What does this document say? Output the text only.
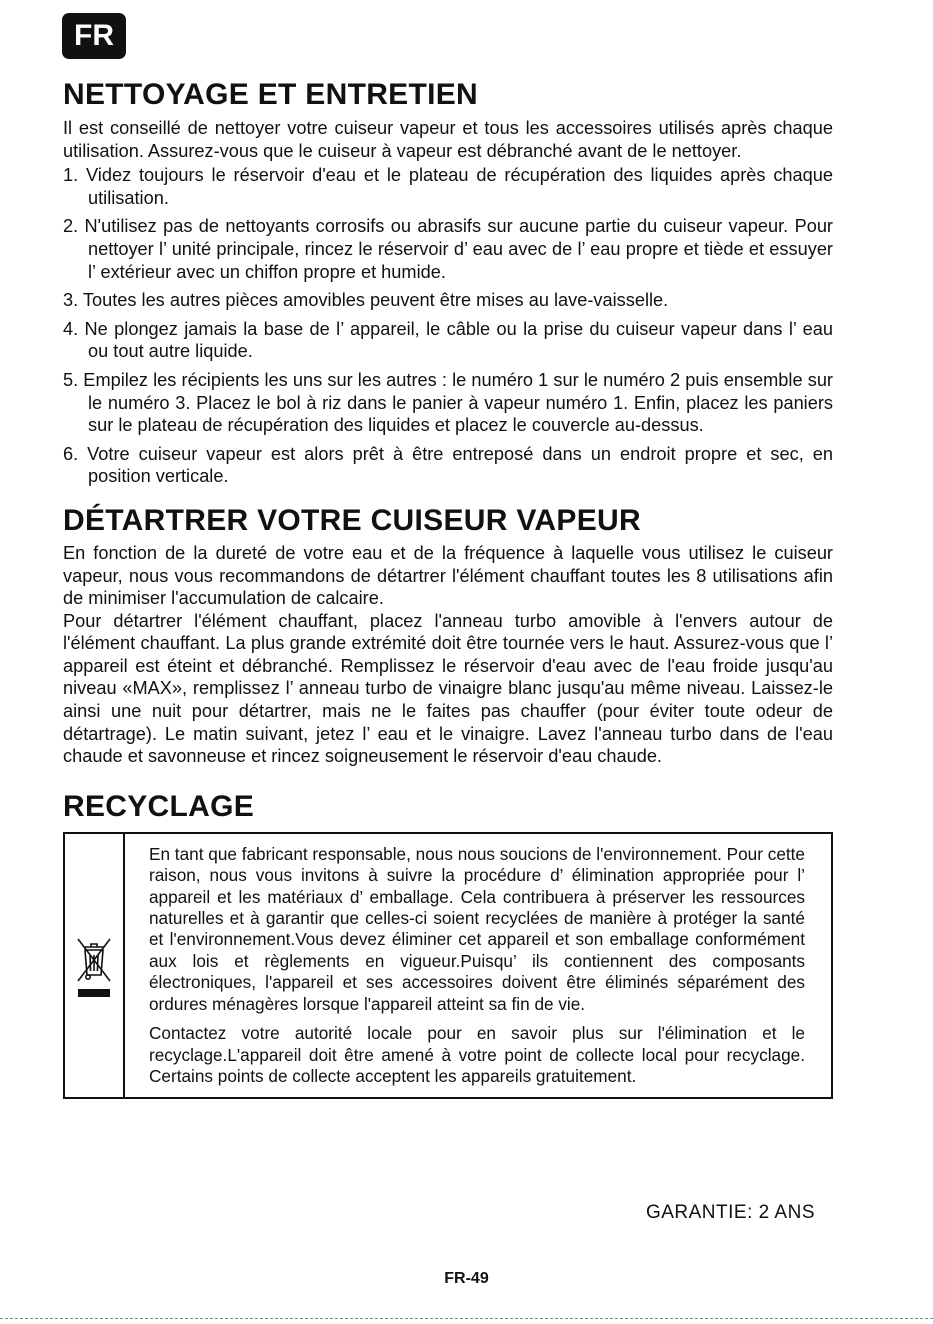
FR
NETTOYAGE ET ENTRETIEN

Il est conseillé de nettoyer votre cuiseur vapeur et tous les accessoires utilisés après chaque utilisation. Assurez-vous que le cuiseur à vapeur est débranché avant de le nettoyer.

1. Videz toujours le réservoir d'eau et le plateau de récupération des liquides après chaque utilisation.
2. N'utilisez pas de nettoyants corrosifs ou abrasifs sur aucune partie du cuiseur vapeur. Pour nettoyer l’ unité principale, rincez le réservoir d’ eau avec de l’ eau propre et tiède et essuyer l’ extérieur avec un chiffon propre et humide.
3. Toutes les autres pièces amovibles peuvent être mises au lave-vaisselle.
4. Ne plongez jamais la base de l’ appareil, le câble ou la prise du cuiseur vapeur dans l’ eau ou tout autre liquide.
5. Empilez les récipients les uns sur les autres : le numéro 1 sur le numéro 2 puis ensemble sur le numéro 3. Placez le bol à riz dans le panier à vapeur numéro 1. Enfin, placez les paniers sur le plateau de récupération des liquides et placez le couvercle au-dessus.
6. Votre cuiseur vapeur est alors prêt à être entreposé dans un endroit propre et sec, en position verticale.
DÉTARTRER VOTRE CUISEUR VAPEUR

En fonction de la dureté de votre eau et de la fréquence à laquelle vous utilisez le cuiseur vapeur, nous vous recommandons de détartrer l'élément chauffant toutes les 8 utilisations afin de minimiser l'accumulation de calcaire.

Pour détartrer l'élément chauffant, placez l'anneau turbo amovible à l'envers autour de l'élément chauffant. La plus grande extrémité doit être tournée vers le haut. Assurez-vous que l’ appareil est éteint et débranché. Remplissez le réservoir d'eau avec de l'eau froide jusqu'au niveau «MAX», remplissez l’ anneau turbo de vinaigre blanc jusqu'au même niveau. Laissez-le ainsi une nuit pour détartrer, mais ne le faites pas chauffer (pour éviter toute odeur de détartrage). Le matin suivant, jetez l’ eau et le vinaigre. Lavez l'anneau turbo dans de l'eau chaude et savonneuse et rincez soigneusement le réservoir d'eau chaude.

RECYCLAGE

En tant que fabricant responsable, nous nous soucions de l'environnement. Pour cette raison, nous vous invitons à suivre la procédure d’ élimination appropriée pour l’ appareil et les matériaux d’ emballage. Cela contribuera à préserver les ressources naturelles et à garantir que celles-ci soient recyclées de manière à protéger la santé et l'environnement.Vous devez éliminer cet appareil et son emballage conformément aux lois et règlements en vigueur.Puisqu’ ils contiennent des composants électroniques, l'appareil et ses accessoires doivent être éliminés séparément des ordures ménagères lorsque l'appareil atteint sa fin de vie.

Contactez votre autorité locale pour en savoir plus sur l'élimination et le recyclage.L'appareil doit être amené à votre point de collecte local pour recyclage. Certains points de collecte acceptent les appareils gratuitement.

GARANTIE: 2 ANS
FR-49
